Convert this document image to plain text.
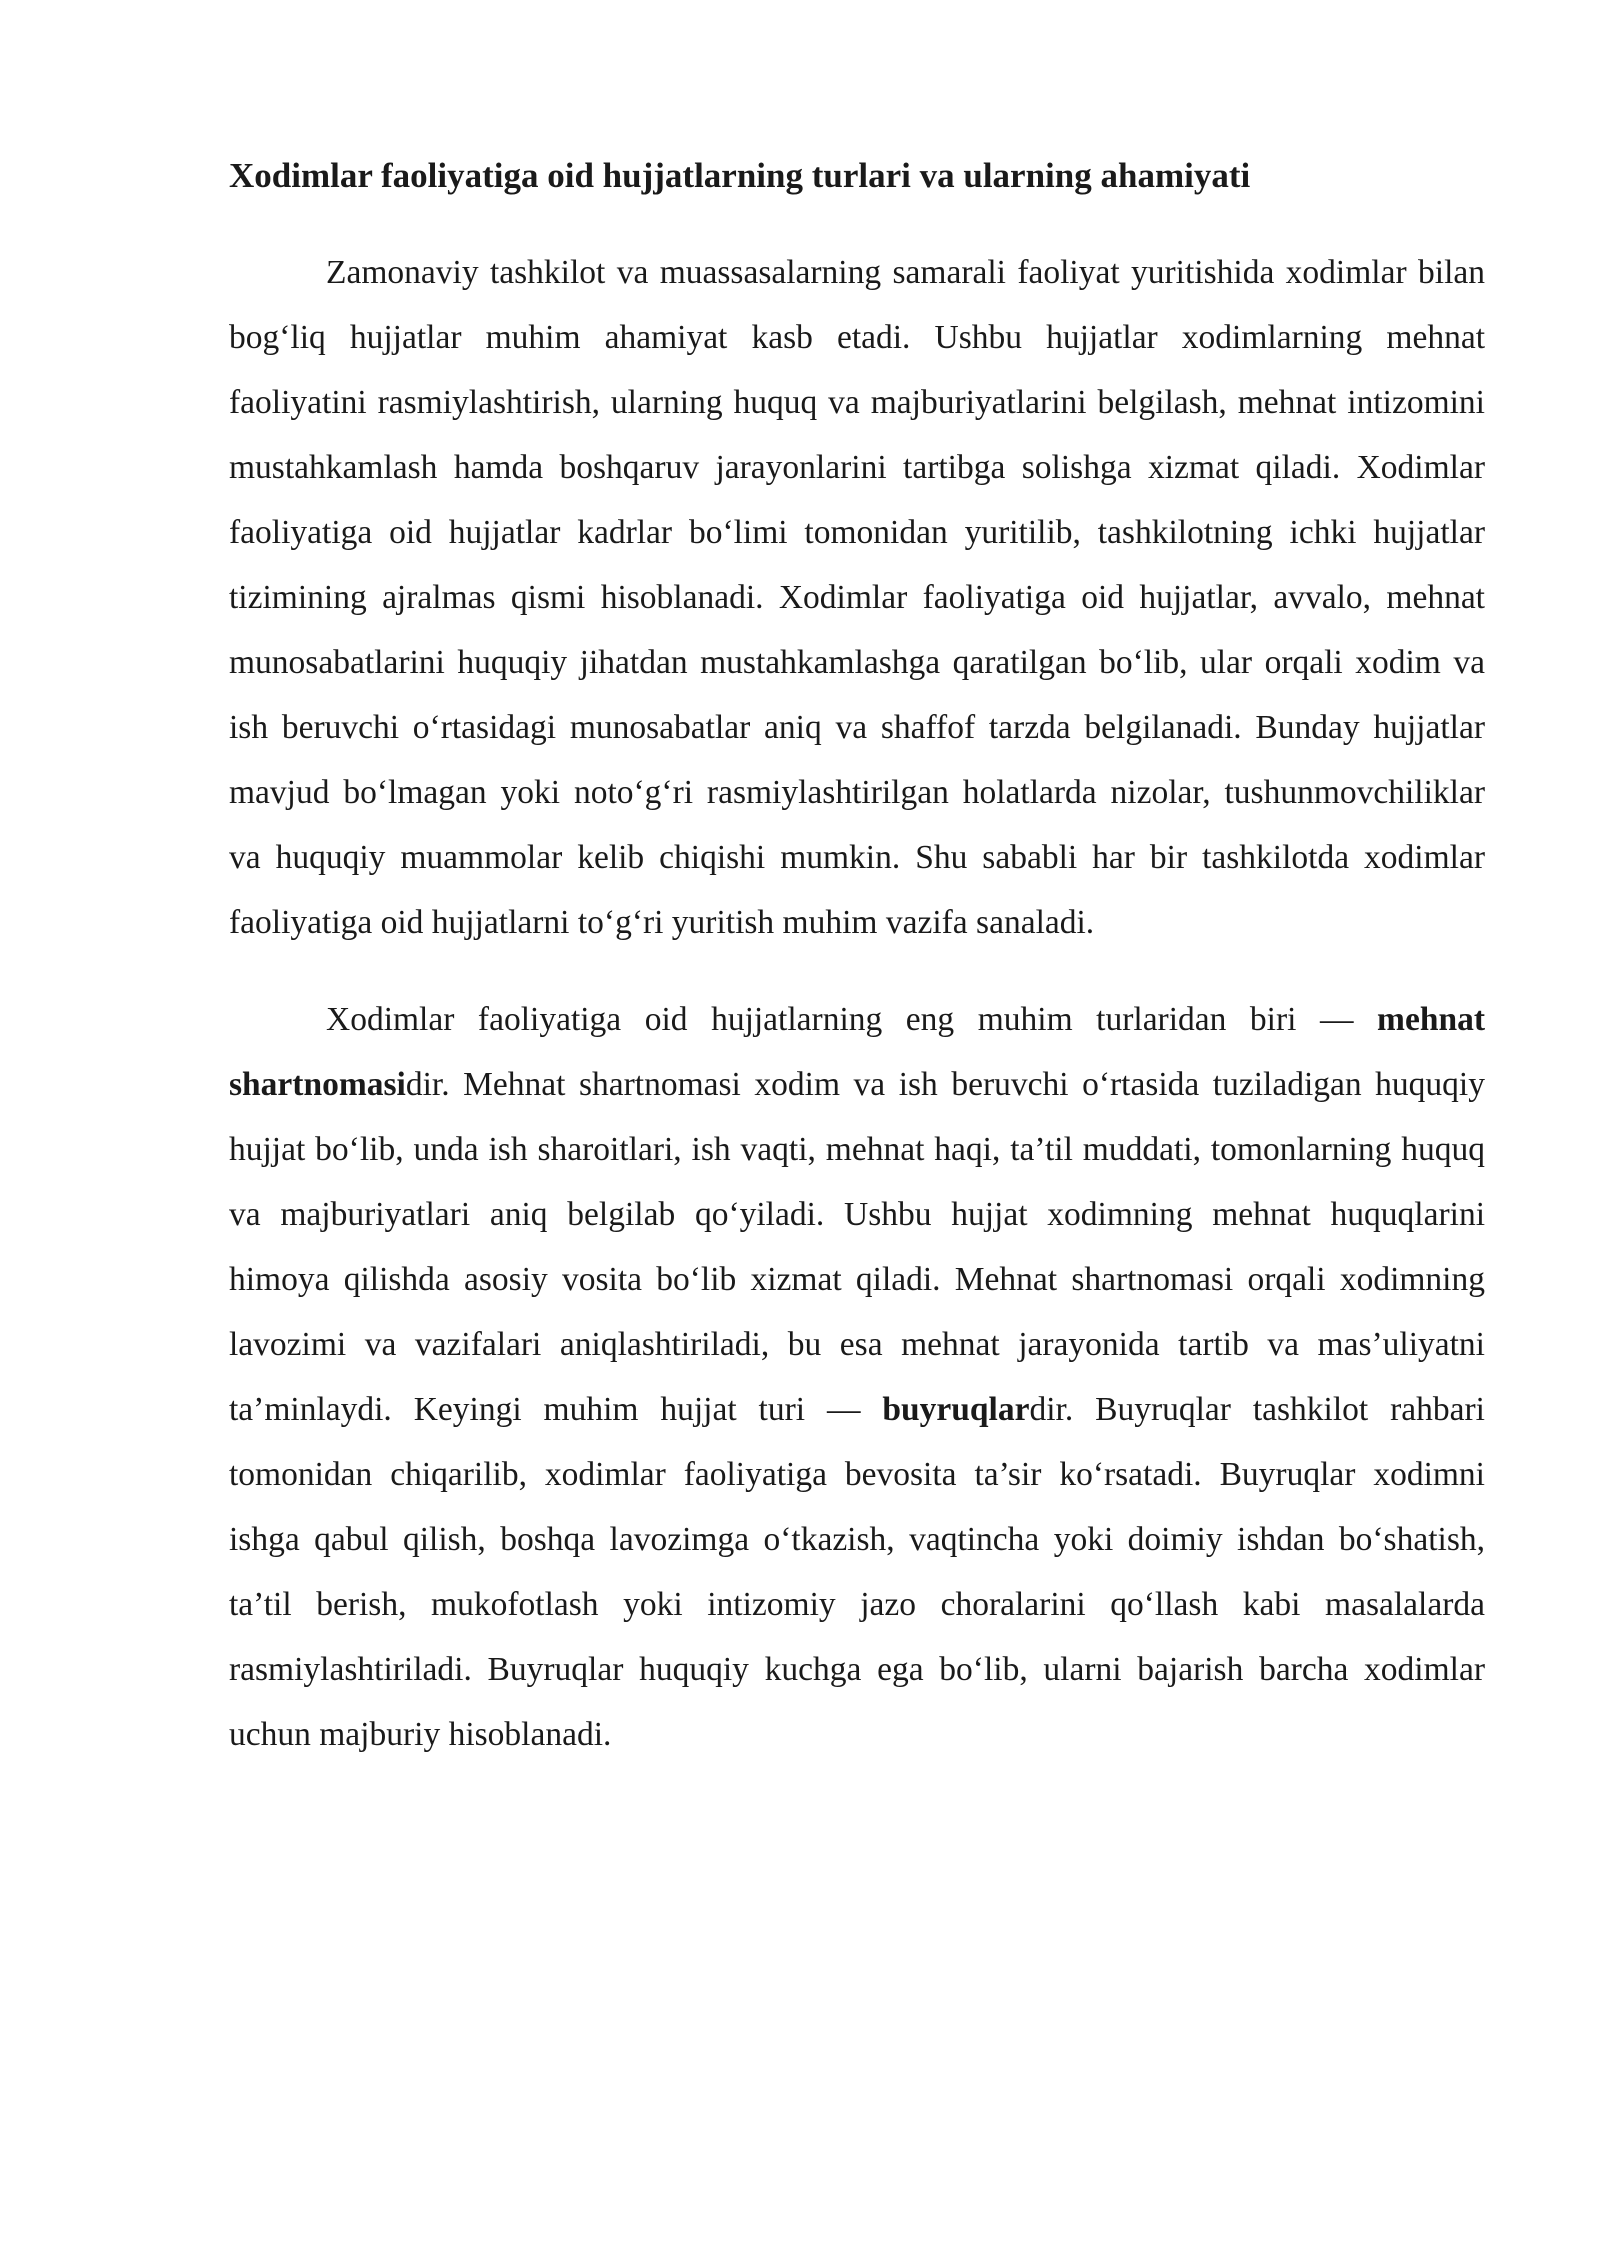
Xodimlar faoliyatiga oid hujjatlarning turlari va ularning ahamiyati

Zamonaviy tashkilot va muassasalarning samarali faoliyat yuritishida xodimlar bilan bog‘liq hujjatlar muhim ahamiyat kasb etadi. Ushbu hujjatlar xodimlarning mehnat faoliyatini rasmiylashtirish, ularning huquq va majburiyatlarini belgilash, mehnat intizomini mustahkamlash hamda boshqaruv jarayonlarini tartibga solishga xizmat qiladi. Xodimlar faoliyatiga oid hujjatlar kadrlar bo‘limi tomonidan yuritilib, tashkilotning ichki hujjatlar tizimining ajralmas qismi hisoblanadi. Xodimlar faoliyatiga oid hujjatlar, avvalo, mehnat munosabatlarini huquqiy jihatdan mustahkamlashga qaratilgan bo‘lib, ular orqali xodim va ish beruvchi o‘rtasidagi munosabatlar aniq va shaffof tarzda belgilanadi. Bunday hujjatlar mavjud bo‘lmagan yoki noto‘g‘ri rasmiylashtirilgan holatlarda nizolar, tushunmovchiliklar va huquqiy muammolar kelib chiqishi mumkin. Shu sababli har bir tashkilotda xodimlar faoliyatiga oid hujjatlarni to‘g‘ri yuritish muhim vazifa sanaladi.

Xodimlar faoliyatiga oid hujjatlarning eng muhim turlaridan biri — mehnat shartnomasidir. Mehnat shartnomasi xodim va ish beruvchi o‘rtasida tuziladigan huquqiy hujjat bo‘lib, unda ish sharoitlari, ish vaqti, mehnat haqi, ta’til muddati, tomonlarning huquq va majburiyatlari aniq belgilab qo‘yiladi. Ushbu hujjat xodimning mehnat huquqlarini himoya qilishda asosiy vosita bo‘lib xizmat qiladi. Mehnat shartnomasi orqali xodimning lavozimi va vazifalari aniqlashtiriladi, bu esa mehnat jarayonida tartib va mas’uliyatni ta’minlaydi. Keyingi muhim hujjat turi — buyruqlardir. Buyruqlar tashkilot rahbari tomonidan chiqarilib, xodimlar faoliyatiga bevosita ta’sir ko‘rsatadi. Buyruqlar xodimni ishga qabul qilish, boshqa lavozimga o‘tkazish, vaqtincha yoki doimiy ishdan bo‘shatish, ta’til berish, mukofotlash yoki intizomiy jazo choralarini qo‘llash kabi masalalarda rasmiylashtiriladi. Buyruqlar huquqiy kuchga ega bo‘lib, ularni bajarish barcha xodimlar uchun majburiy hisoblanadi.
